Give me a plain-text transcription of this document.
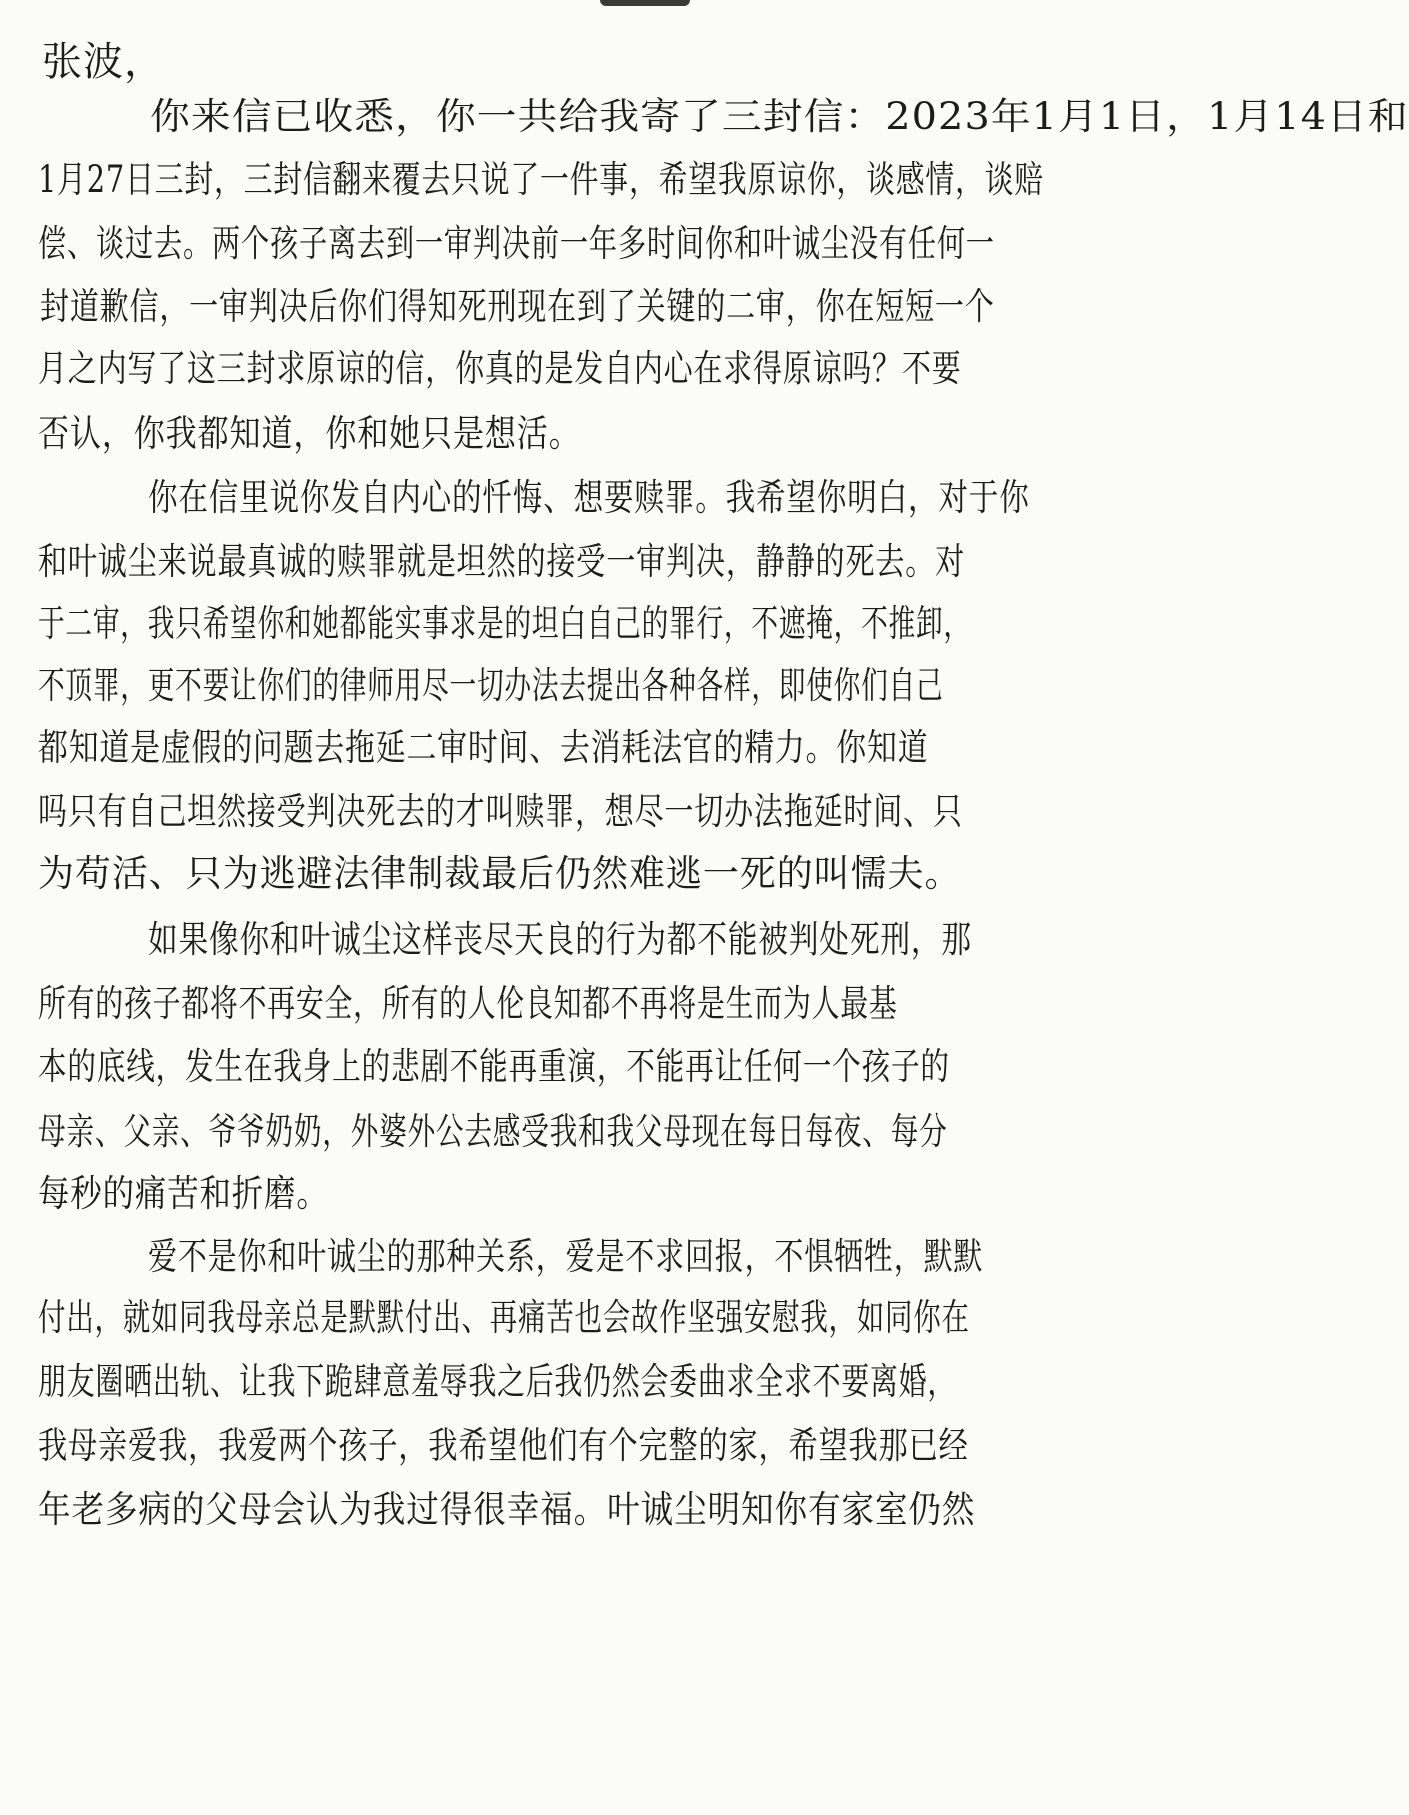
张波，
你来信已收悉，你一共给我寄了三封信：2023年1月1日，1月14日和
1月27日三封，三封信翻来覆去只说了一件事，希望我原谅你，谈感情，谈赔
偿、谈过去。两个孩子离去到一审判决前一年多时间你和叶诚尘没有任何一
封道歉信，一审判决后你们得知死刑现在到了关键的二审，你在短短一个
月之内写了这三封求原谅的信，你真的是发自内心在求得原谅吗？不要
否认，你我都知道，你和她只是想活。
你在信里说你发自内心的忏悔、想要赎罪。我希望你明白，对于你
和叶诚尘来说最真诚的赎罪就是坦然的接受一审判决，静静的死去。对
于二审，我只希望你和她都能实事求是的坦白自己的罪行，不遮掩，不推卸，
不顶罪，更不要让你们的律师用尽一切办法去提出各种各样，即使你们自己
都知道是虚假的问题去拖延二审时间、去消耗法官的精力。你知道
吗只有自己坦然接受判决死去的才叫赎罪，想尽一切办法拖延时间、只
为苟活、只为逃避法律制裁最后仍然难逃一死的叫懦夫。
如果像你和叶诚尘这样丧尽天良的行为都不能被判处死刑，那
所有的孩子都将不再安全，所有的人伦良知都不再将是生而为人最基
本的底线，发生在我身上的悲剧不能再重演，不能再让任何一个孩子的
母亲、父亲、爷爷奶奶，外婆外公去感受我和我父母现在每日每夜、每分
每秒的痛苦和折磨。
爱不是你和叶诚尘的那种关系，爱是不求回报，不惧牺牲，默默
付出，就如同我母亲总是默默付出、再痛苦也会故作坚强安慰我，如同你在
朋友圈晒出轨、让我下跪肆意羞辱我之后我仍然会委曲求全求不要离婚，
我母亲爱我，我爱两个孩子，我希望他们有个完整的家，希望我那已经
年老多病的父母会认为我过得很幸福。叶诚尘明知你有家室仍然
